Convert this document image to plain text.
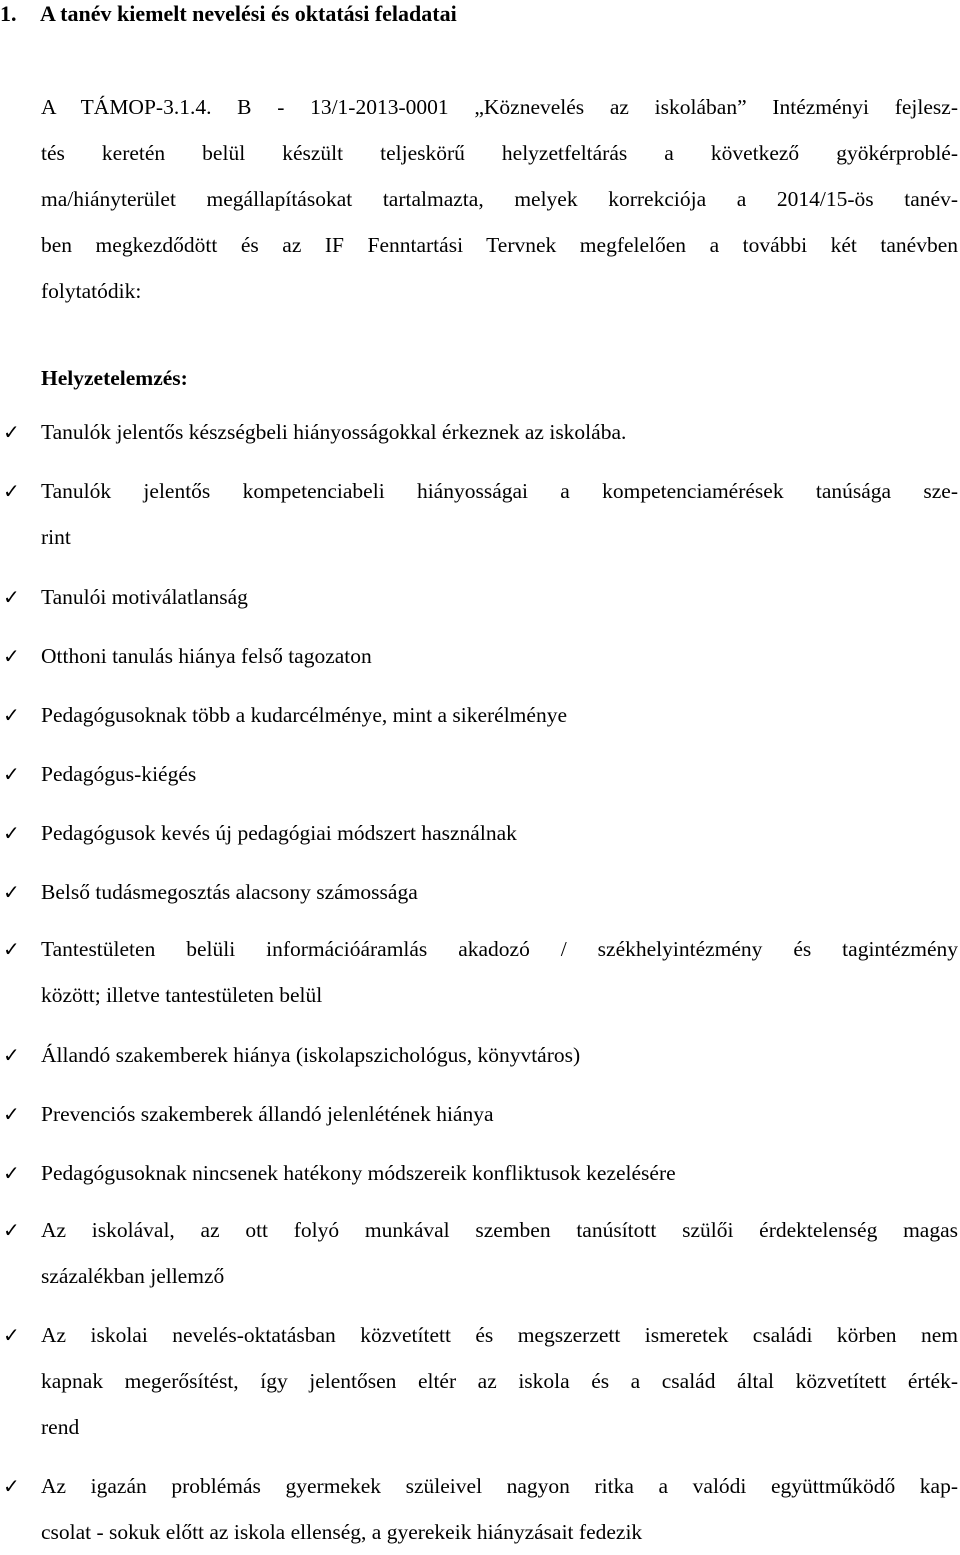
1. A tanév kiemelt nevelési és oktatási feladatai
A TÁMOP-3.1.4. B - 13/1-2013-0001 „Köznevelés az iskolában” Intézményi fejlesz-
tés keretén belül készült teljeskörű helyzetfeltárás a következő gyökérproblé-
ma/hiányterület megállapításokat tartalmazta, melyek korrekciója a 2014/15-ös tanév-
ben megkezdődött és az IF Fenntartási Tervnek megfelelően a további két tanévben
folytatódik:
Helyzetelemzés:
✓ Tanulók jelentős készségbeli hiányosságokkal érkeznek az iskolába.
✓ Tanulók jelentős kompetenciabeli hiányosságai a kompetenciamérések tanúsága sze-
rint
✓ Tanulói motiválatlanság
✓ Otthoni tanulás hiánya felső tagozaton
✓ Pedagógusoknak több a kudarcélménye, mint a sikerélménye
✓ Pedagógus-kiégés
✓ Pedagógusok kevés új pedagógiai módszert használnak
✓ Belső tudásmegosztás alacsony számossága
✓ Tantestületen belüli információáramlás akadozó / székhelyintézmény és tagintézmény
között; illetve tantestületen belül
✓ Állandó szakemberek hiánya (iskolapszichológus, könyvtáros)
✓ Prevenciós szakemberek állandó jelenlétének hiánya
✓ Pedagógusoknak nincsenek hatékony módszereik konfliktusok kezelésére
✓ Az iskolával, az ott folyó munkával szemben tanúsított szülői érdektelenség magas
százalékban jellemző
✓ Az iskolai nevelés-oktatásban közvetített és megszerzett ismeretek családi körben nem
kapnak megerősítést, így jelentősen eltér az iskola és a család által közvetített érték-
rend
✓ Az igazán problémás gyermekek szüleivel nagyon ritka a valódi együttműködő kap-
csolat - sokuk előtt az iskola ellenség, a gyerekeik hiányzásait fedezik
